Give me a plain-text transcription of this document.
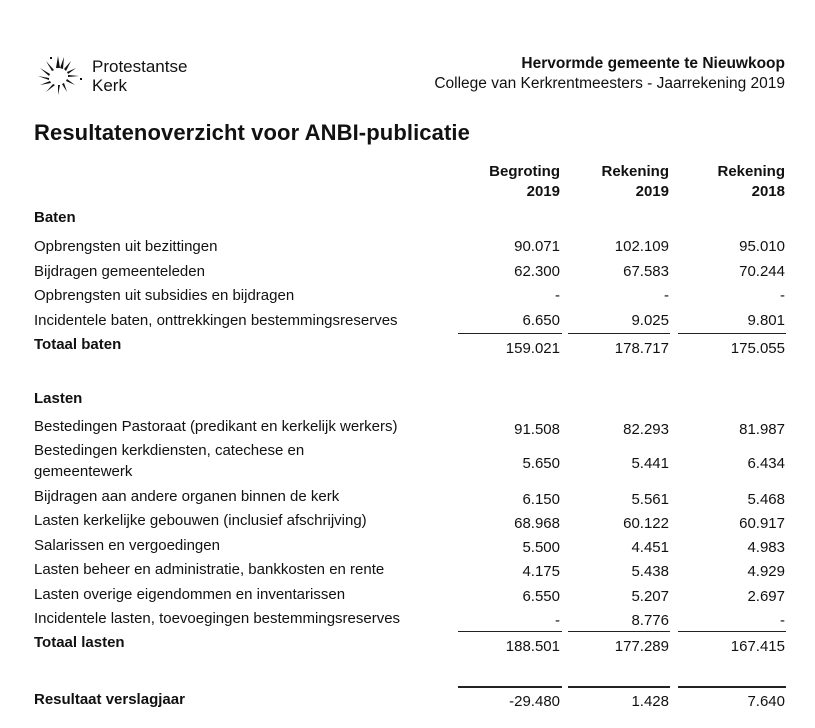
Protestantse
Kerk
Hervormde gemeente te Nieuwkoop
College van Kerkrentmeesters - Jaarrekening 2019
Resultatenoverzicht voor ANBI-publicatie
Begroting
2019
Rekening
2019
Rekening
2018
Baten
Opbrengsten uit bezittingen	90.071	102.109	95.010
Bijdragen gemeenteleden	62.300	67.583	70.244
Opbrengsten uit subsidies en bijdragen	-	-	-
Incidentele baten, onttrekkingen bestemmingsreserves	6.650	9.025	9.801
Totaal baten	159.021	178.717	175.055
Lasten
Bestedingen Pastoraat (predikant en kerkelijk werkers)	91.508	82.293	81.987
Bestedingen kerkdiensten, catechese en
gemeentewerk	5.650	5.441	6.434
Bijdragen aan andere organen binnen de kerk	6.150	5.561	5.468
Lasten kerkelijke gebouwen (inclusief afschrijving)	68.968	60.122	60.917
Salarissen en vergoedingen	5.500	4.451	4.983
Lasten beheer en administratie, bankkosten en rente	4.175	5.438	4.929
Lasten overige eigendommen en inventarissen	6.550	5.207	2.697
Incidentele lasten, toevoegingen bestemmingsreserves	-	8.776	-
Totaal lasten	188.501	177.289	167.415
Resultaat verslagjaar	-29.480	1.428	7.640
